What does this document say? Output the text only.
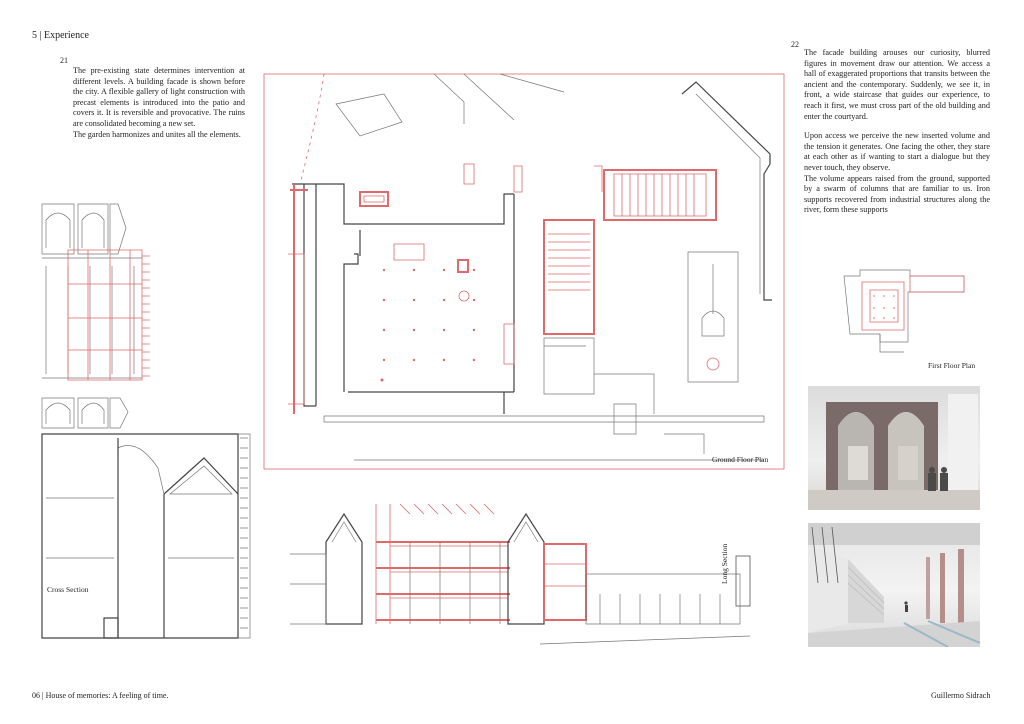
5 | Experience
21
The pre-existing state determines intervention at different levels. A building facade is shown before the city. A flexible gallery of light construction with precast elements is introduced into the patio and covers it. It is reversible and provocative. The ruins are consolidated becoming a new set.
The garden harmonizes and unites all the elements.
22
The facade building arouses our curiosity, blurred figures in movement draw our attention. We access a hall of exaggerated proportions that transits between the ancient and the contemporary. Suddenly, we see it, in front, a wide staircase that guides our experience, to reach it first, we must cross part of the old building and enter the courtyard.
Upon access we perceive the new inserted volume and the tension it generates. One facing the other, they stare at each other as if wanting to start a dialogue but they never touch, they observe.
The volume appears raised from the ground, supported by a swarm of columns that are familiar to us. Iron supports recovered from industrial structures along the river, form these supports
Cross Section
Ground Floor Plan
First Floor Plan
Long Section
06 | House of memories: A feeling of time.	Guillermo Sidrach
